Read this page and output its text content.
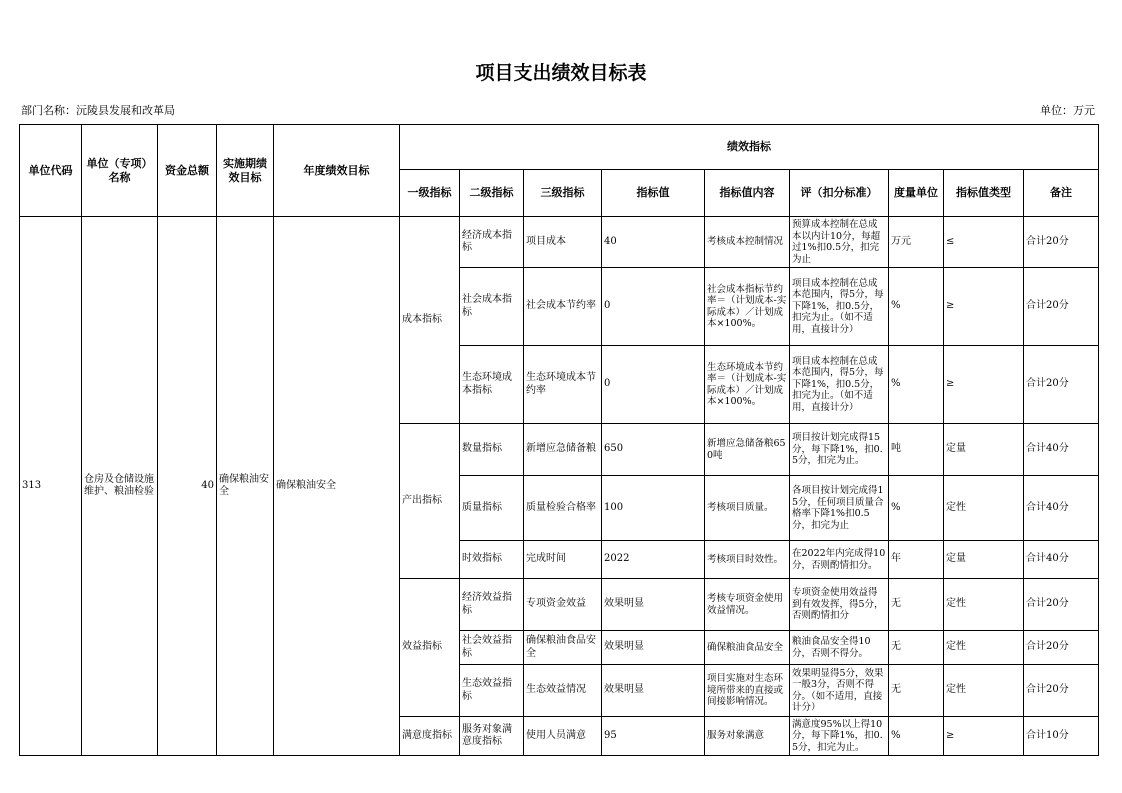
项目支出绩效目标表
部门名称：沅陵县发展和改革局	单位：万元
单位代码	单位（专项）名称	资金总额	实施期绩效目标	年度绩效目标	绩效指标								
					一级指标	二级指标	三级指标	指标值	指标值内容	评（扣分标准）	度量单位	指标值类型	备注
313	仓房及仓储设施维护、粮油检验	40	确保粮油安全	确保粮油安全	成本指标	经济成本指标	项目成本	40	考核成本控制情况	预算成本控制在总成本以内计10分，每超过1%扣0.5分，扣完为止	万元	≤	合计20分
						社会成本指标	社会成本节约率	0	社会成本指标节约率＝（计划成本-实际成本）／计划成本×100%。	项目成本控制在总成本范围内，得5分，每下降1%，扣0.5分，扣完为止。（如不适用，直接计分）	%	≥	合计20分
						生态环境成本指标	生态环境成本节约率	0	生态环境成本节约率＝（计划成本-实际成本）／计划成本×100%。	项目成本控制在总成本范围内，得5分，每下降1%，扣0.5分，扣完为止。（如不适用，直接计分）	%	≥	合计20分
					产出指标	数量指标	新增应急储备粮	650	新增应急储备粮650吨	项目按计划完成得15分，每下降1%，扣0.5分，扣完为止。	吨	定量	合计40分
						质量指标	质量检验合格率	100	考核项目质量。	各项目按计划完成得15分，任何项目质量合格率下降1%扣0.5分，扣完为止	%	定性	合计40分
						时效指标	完成时间	2022	考核项目时效性。	在2022年内完成得10分，否则酌情扣分。	年	定量	合计40分
					效益指标	经济效益指标	专项资金效益	效果明显	考核专项资金使用效益情况。	专项资金使用效益得到有效发挥，得5分，否则酌情扣分	无	定性	合计20分
						社会效益指标	确保粮油食品安全	效果明显	确保粮油食品安全	粮油食品安全得10分，否则不得分。	无	定性	合计20分
						生态效益指标	生态效益情况	效果明显	项目实施对生态环境所带来的直接或间接影响情况。	效果明显得5分，效果一般3分，否则不得分。（如不适用，直接计分）	无	定性	合计20分
					满意度指标	服务对象满意度指标	使用人员满意	95	服务对象满意	满意度95%以上得10分，每下降1%，扣0.5分，扣完为止。	%	≥	合计10分
